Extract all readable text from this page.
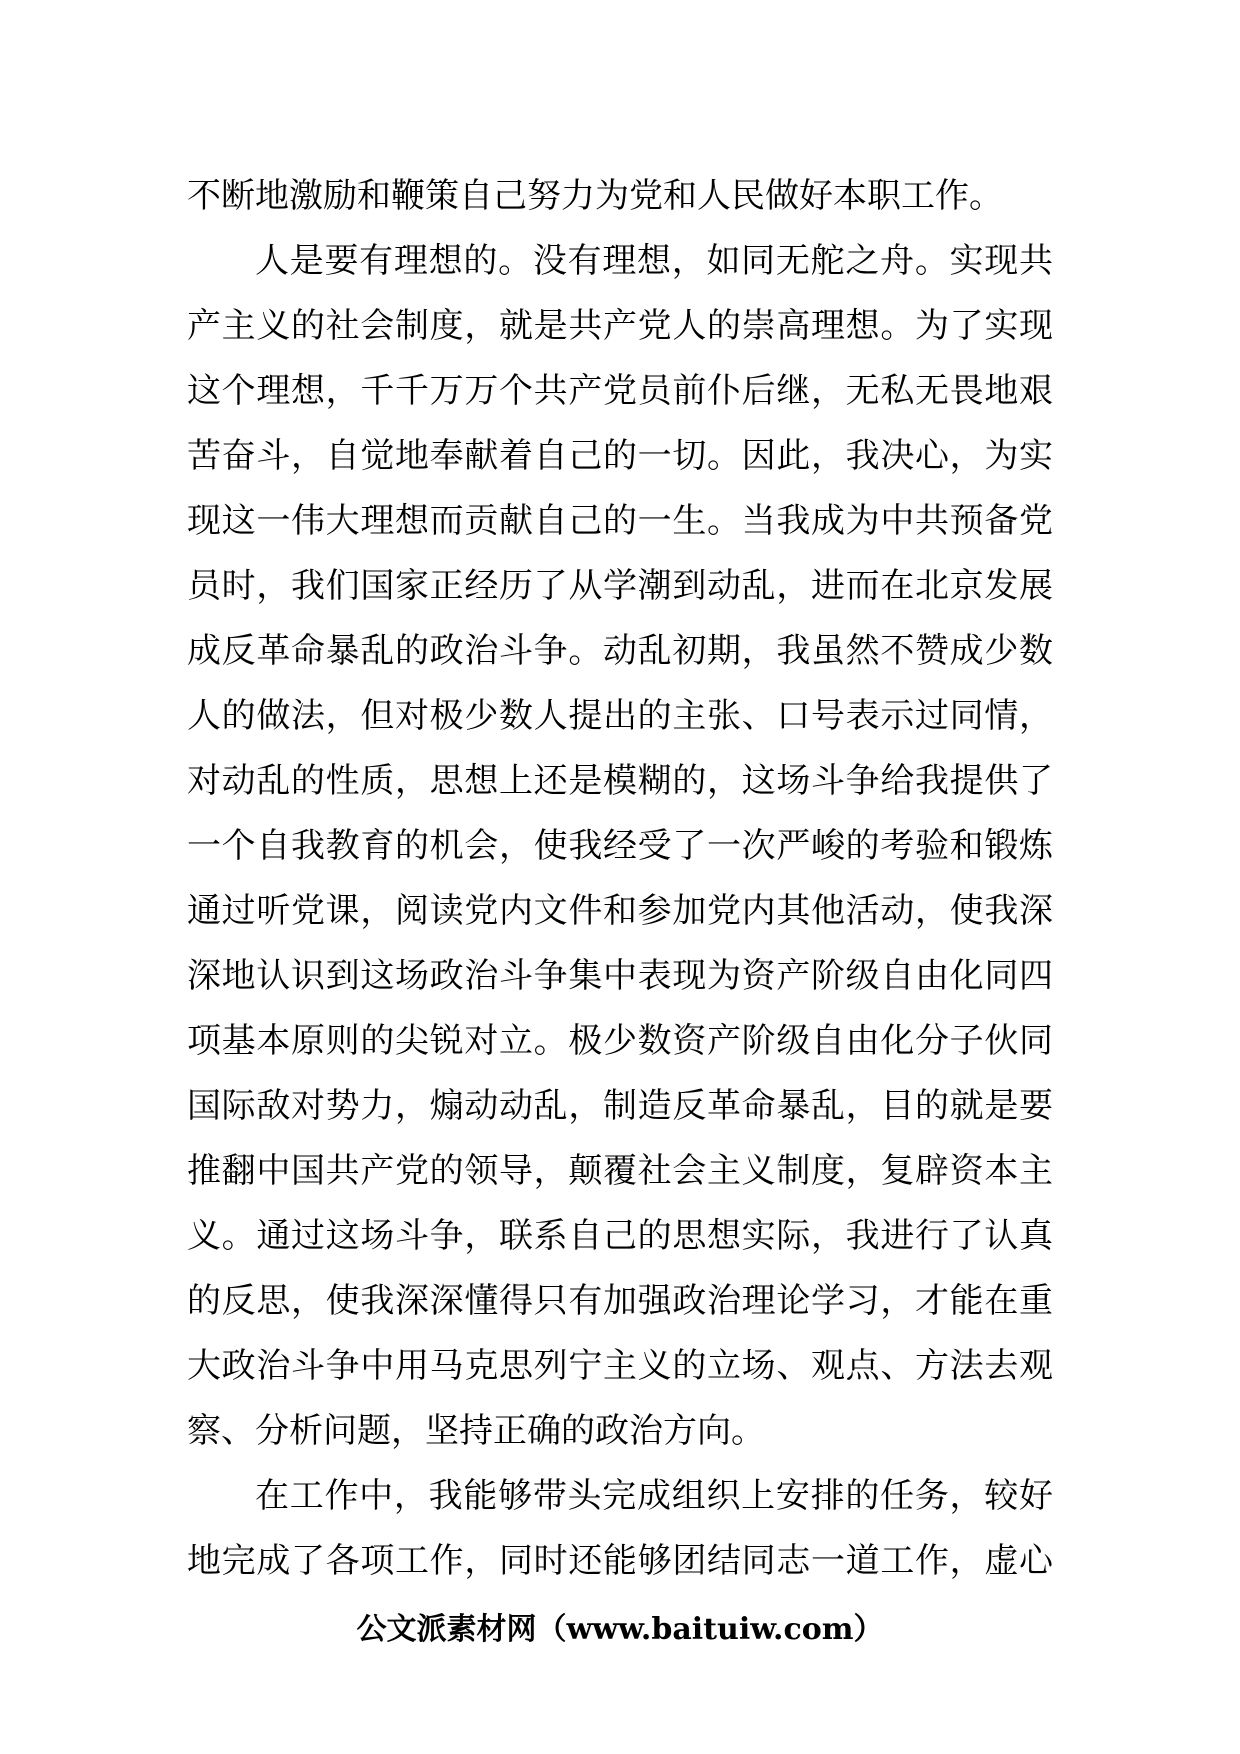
不断地激励和鞭策自己努力为党和人民做好本职工作。
人是要有理想的。没有理想，如同无舵之舟。实现共
产主义的社会制度，就是共产党人的崇高理想。为了实现
这个理想，千千万万个共产党员前仆后继，无私无畏地艰
苦奋斗，自觉地奉献着自己的一切。因此，我决心，为实
现这一伟大理想而贡献自己的一生。当我成为中共预备党
员时，我们国家正经历了从学潮到动乱，进而在北京发展
成反革命暴乱的政治斗争。动乱初期，我虽然不赞成少数
人的做法，但对极少数人提出的主张、口号表示过同情，
对动乱的性质，思想上还是模糊的，这场斗争给我提供了
一个自我教育的机会，使我经受了一次严峻的考验和锻炼
通过听党课，阅读党内文件和参加党内其他活动，使我深
深地认识到这场政治斗争集中表现为资产阶级自由化同四
项基本原则的尖锐对立。极少数资产阶级自由化分子伙同
国际敌对势力，煽动动乱，制造反革命暴乱，目的就是要
推翻中国共产党的领导，颠覆社会主义制度，复辟资本主
义。通过这场斗争，联系自己的思想实际，我进行了认真
的反思，使我深深懂得只有加强政治理论学习，才能在重
大政治斗争中用马克思列宁主义的立场、观点、方法去观
察、分析问题，坚持正确的政治方向。
在工作中，我能够带头完成组织上安排的任务，较好
地完成了各项工作，同时还能够团结同志一道工作，虚心
公文派素材网（www.baituiw.com）
